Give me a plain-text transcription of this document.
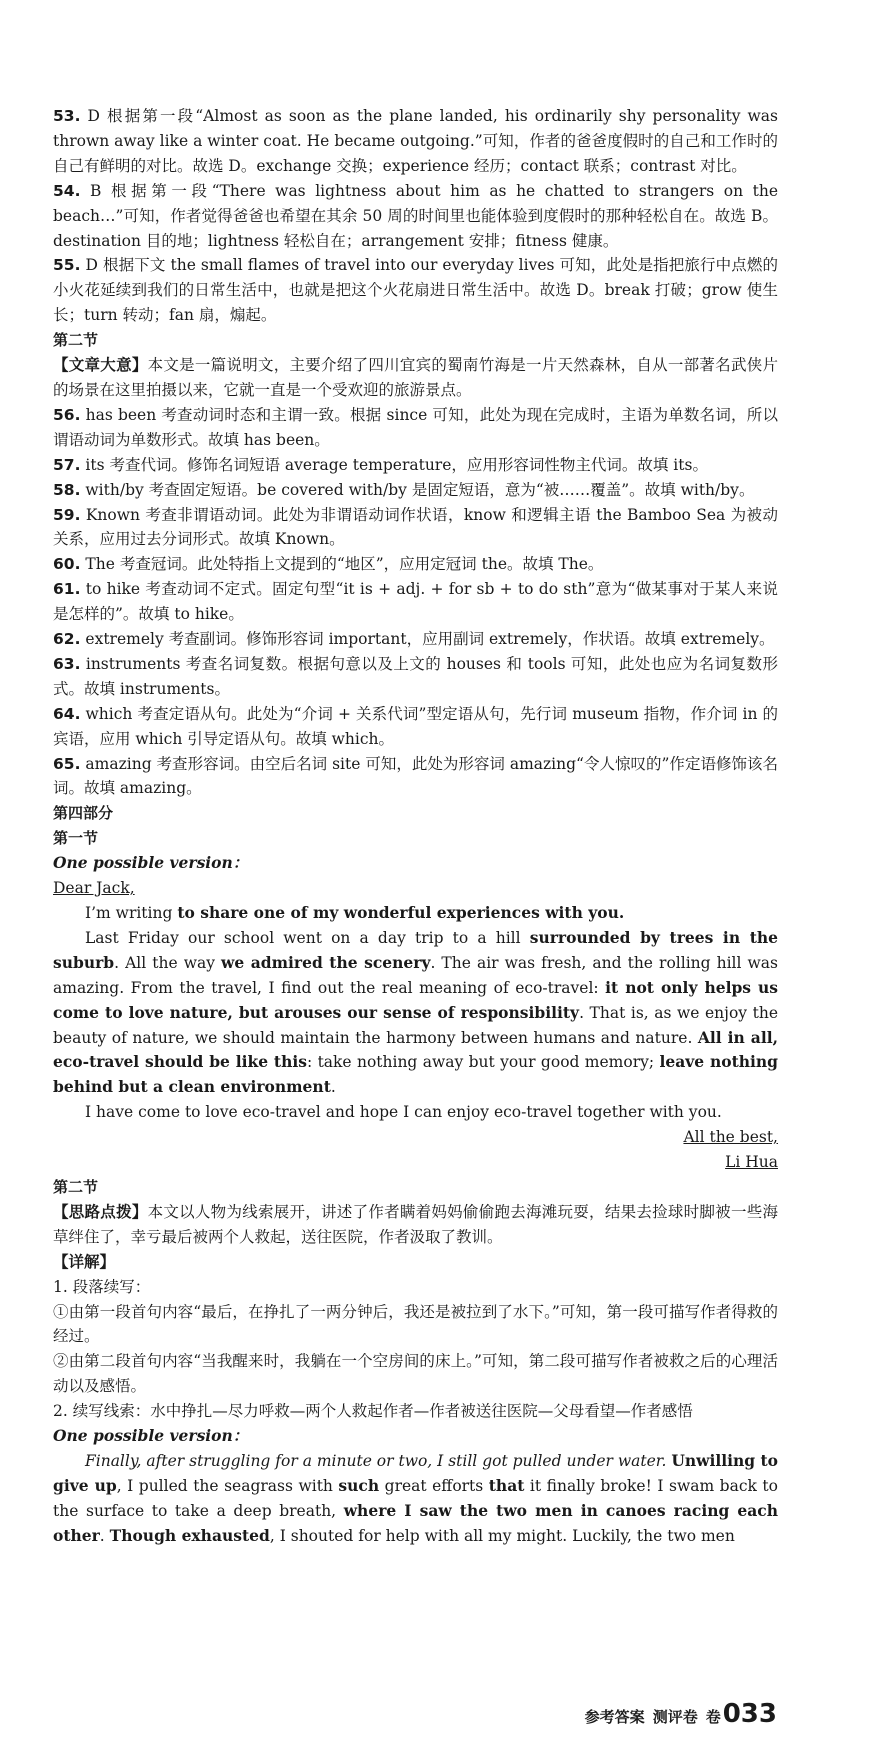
53. D 根据第一段“Almost as soon as the plane landed, his ordinarily shy personality was thrown away like a winter coat. He became outgoing.”可知，作者的爸爸度假时的自己和工作时的自己有鲜明的对比。故选 D。exchange 交换；experience 经历；contact 联系；contrast 对比。

54. B 根据第一段“There was lightness about him as he chatted to strangers on the beach…”可知，作者觉得爸爸也希望在其余 50 周的时间里也能体验到度假时的那种轻松自在。故选 B。destination 目的地；lightness 轻松自在；arrangement 安排；fitness 健康。

55. D 根据下文 the small flames of travel into our everyday lives 可知，此处是指把旅行中点燃的小火花延续到我们的日常生活中，也就是把这个火花扇进日常生活中。故选 D。break 打破；grow 使生长；turn 转动；fan 扇，煽起。

第二节

【文章大意】本文是一篇说明文，主要介绍了四川宜宾的蜀南竹海是一片天然森林，自从一部著名武侠片的场景在这里拍摄以来，它就一直是一个受欢迎的旅游景点。

56. has been 考查动词时态和主谓一致。根据 since 可知，此处为现在完成时，主语为单数名词，所以谓语动词为单数形式。故填 has been。

57. its 考查代词。修饰名词短语 average temperature，应用形容词性物主代词。故填 its。

58. with/by 考查固定短语。be covered with/by 是固定短语，意为“被……覆盖”。故填 with/by。

59. Known 考查非谓语动词。此处为非谓语动词作状语，know 和逻辑主语 the Bamboo Sea 为被动关系，应用过去分词形式。故填 Known。

60. The 考查冠词。此处特指上文提到的“地区”，应用定冠词 the。故填 The。

61. to hike 考查动词不定式。固定句型“it is + adj. + for sb + to do sth”意为“做某事对于某人来说是怎样的”。故填 to hike。

62. extremely 考查副词。修饰形容词 important，应用副词 extremely，作状语。故填 extremely。

63. instruments 考查名词复数。根据句意以及上文的 houses 和 tools 可知，此处也应为名词复数形式。故填 instruments。

64. which 考查定语从句。此处为“介词 + 关系代词”型定语从句，先行词 museum 指物，作介词 in 的宾语，应用 which 引导定语从句。故填 which。

65. amazing 考查形容词。由空后名词 site 可知，此处为形容词 amazing“令人惊叹的”作定语修饰该名词。故填 amazing。

第四部分

第一节

One possible version：

Dear Jack,

I’m writing to share one of my wonderful experiences with you.

Last Friday our school went on a day trip to a hill surrounded by trees in the suburb. All the way we admired the scenery. The air was fresh, and the rolling hill was amazing. From the travel, I find out the real meaning of eco-travel: it not only helps us come to love nature, but arouses our sense of responsibility. That is, as we enjoy the beauty of nature, we should maintain the harmony between humans and nature. All in all, eco-travel should be like this: take nothing away but your good memory; leave nothing behind but a clean environment.

I have come to love eco-travel and hope I can enjoy eco-travel together with you.

All the best,

Li Hua

第二节

【思路点拨】本文以人物为线索展开，讲述了作者瞒着妈妈偷偷跑去海滩玩耍，结果去捡球时脚被一些海草绊住了，幸亏最后被两个人救起，送往医院，作者汲取了教训。

【详解】

1. 段落续写：

①由第一段首句内容“最后，在挣扎了一两分钟后，我还是被拉到了水下。”可知，第一段可描写作者得救的经过。

②由第二段首句内容“当我醒来时，我躺在一个空房间的床上。”可知，第二段可描写作者被救之后的心理活动以及感悟。

2. 续写线索：水中挣扎—尽力呼救—两个人救起作者—作者被送往医院—父母看望—作者感悟

One possible version：

Finally, after struggling for a minute or two, I still got pulled under water. Unwilling to give up, I pulled the seagrass with such great efforts that it finally broke! I swam back to the surface to take a deep breath, where I saw the two men in canoes racing each other. Though exhausted, I shouted for help with all my might. Luckily, the two men

参考答案 测评卷 卷033
